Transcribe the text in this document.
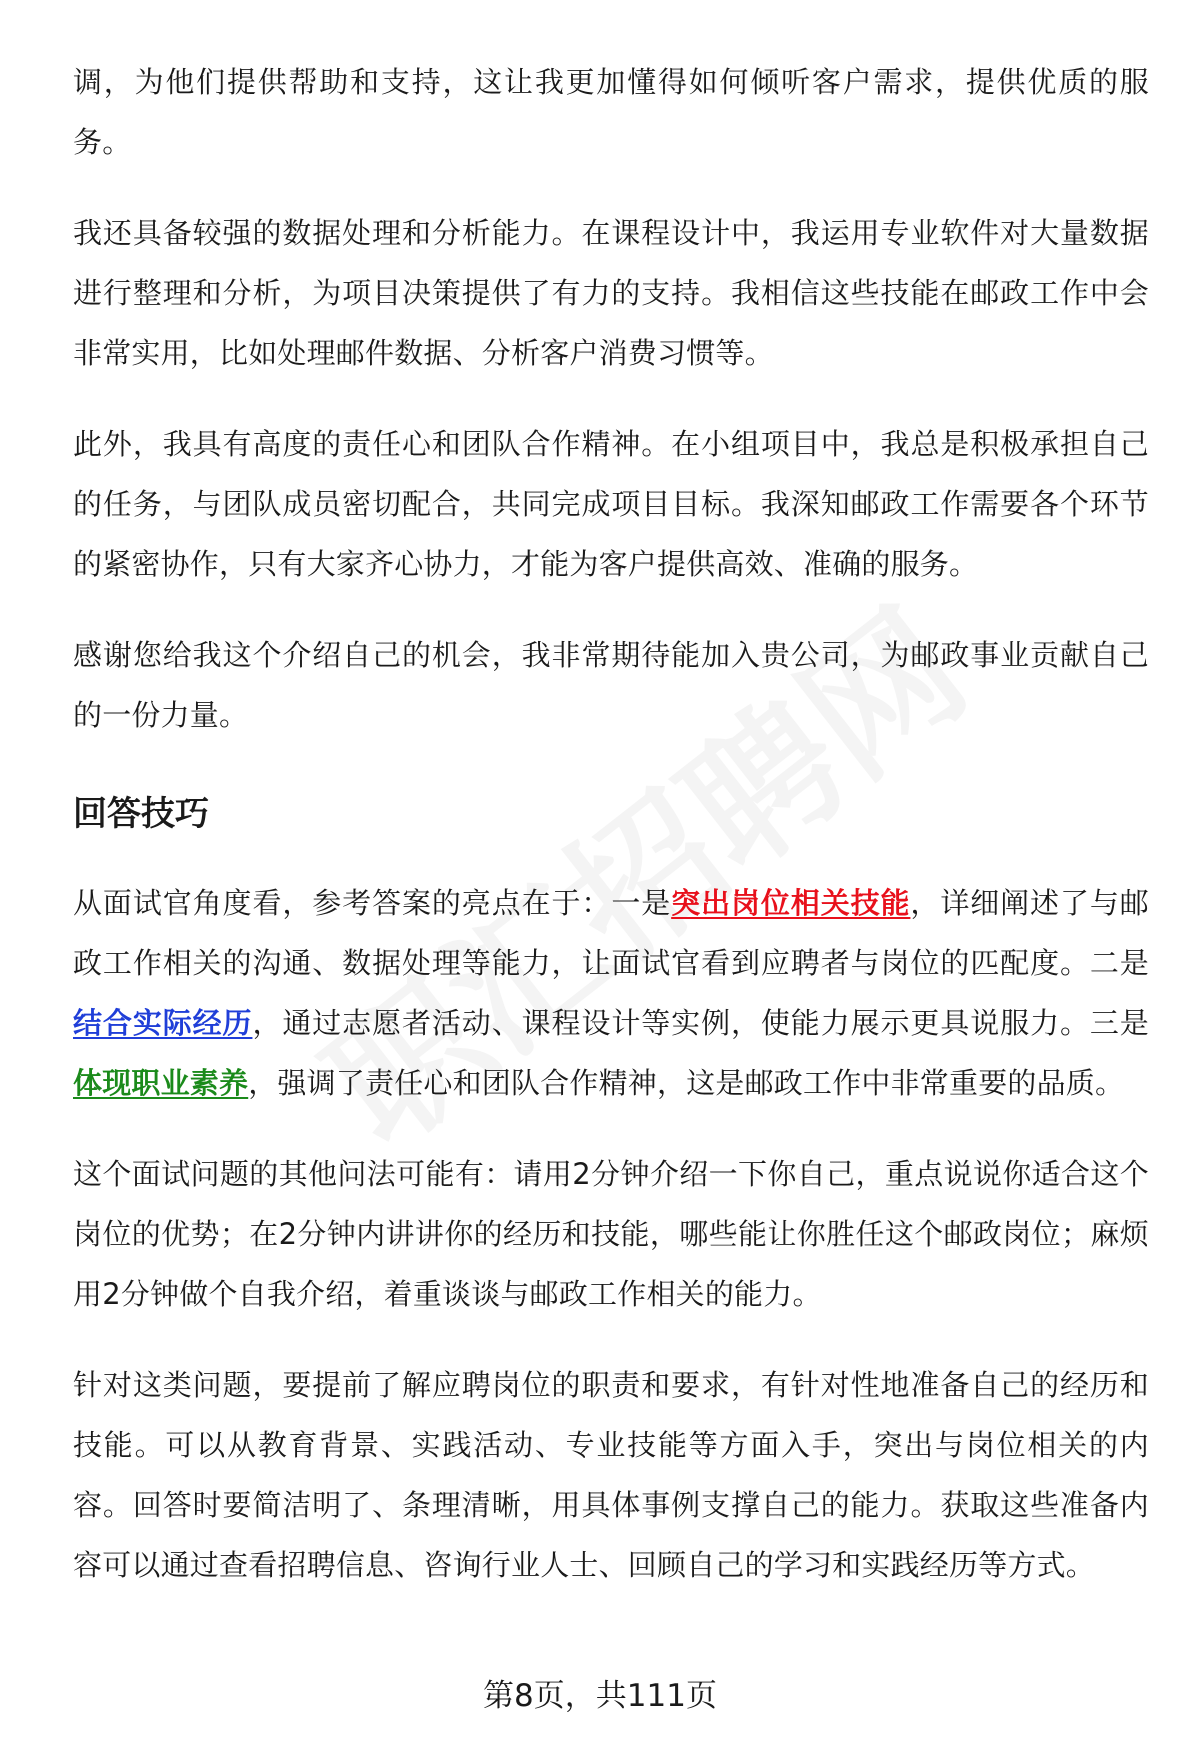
调，为他们提供帮助和支持，这让我更加懂得如何倾听客户需求，提供优质的服务。

我还具备较强的数据处理和分析能力。在课程设计中，我运用专业软件对大量数据进行整理和分析，为项目决策提供了有力的支持。我相信这些技能在邮政工作中会非常实用，比如处理邮件数据、分析客户消费习惯等。

此外，我具有高度的责任心和团队合作精神。在小组项目中，我总是积极承担自己的任务，与团队成员密切配合，共同完成项目目标。我深知邮政工作需要各个环节的紧密协作，只有大家齐心协力，才能为客户提供高效、准确的服务。

感谢您给我这个介绍自己的机会，我非常期待能加入贵公司，为邮政事业贡献自己的一份力量。

回答技巧

从面试官角度看，参考答案的亮点在于：一是突出岗位相关技能，详细阐述了与邮政工作相关的沟通、数据处理等能力，让面试官看到应聘者与岗位的匹配度。二是结合实际经历，通过志愿者活动、课程设计等实例，使能力展示更具说服力。三是体现职业素养，强调了责任心和团队合作精神，这是邮政工作中非常重要的品质。

这个面试问题的其他问法可能有：请用2分钟介绍一下你自己，重点说说你适合这个岗位的优势；在2分钟内讲讲你的经历和技能，哪些能让你胜任这个邮政岗位；麻烦用2分钟做个自我介绍，着重谈谈与邮政工作相关的能力。

针对这类问题，要提前了解应聘岗位的职责和要求，有针对性地准备自己的经历和技能。可以从教育背景、实践活动、专业技能等方面入手，突出与岗位相关的内容。回答时要简洁明了、条理清晰，用具体事例支撑自己的能力。获取这些准备内容可以通过查看招聘信息、咨询行业人士、回顾自己的学习和实践经历等方式。

第8页，共111页
